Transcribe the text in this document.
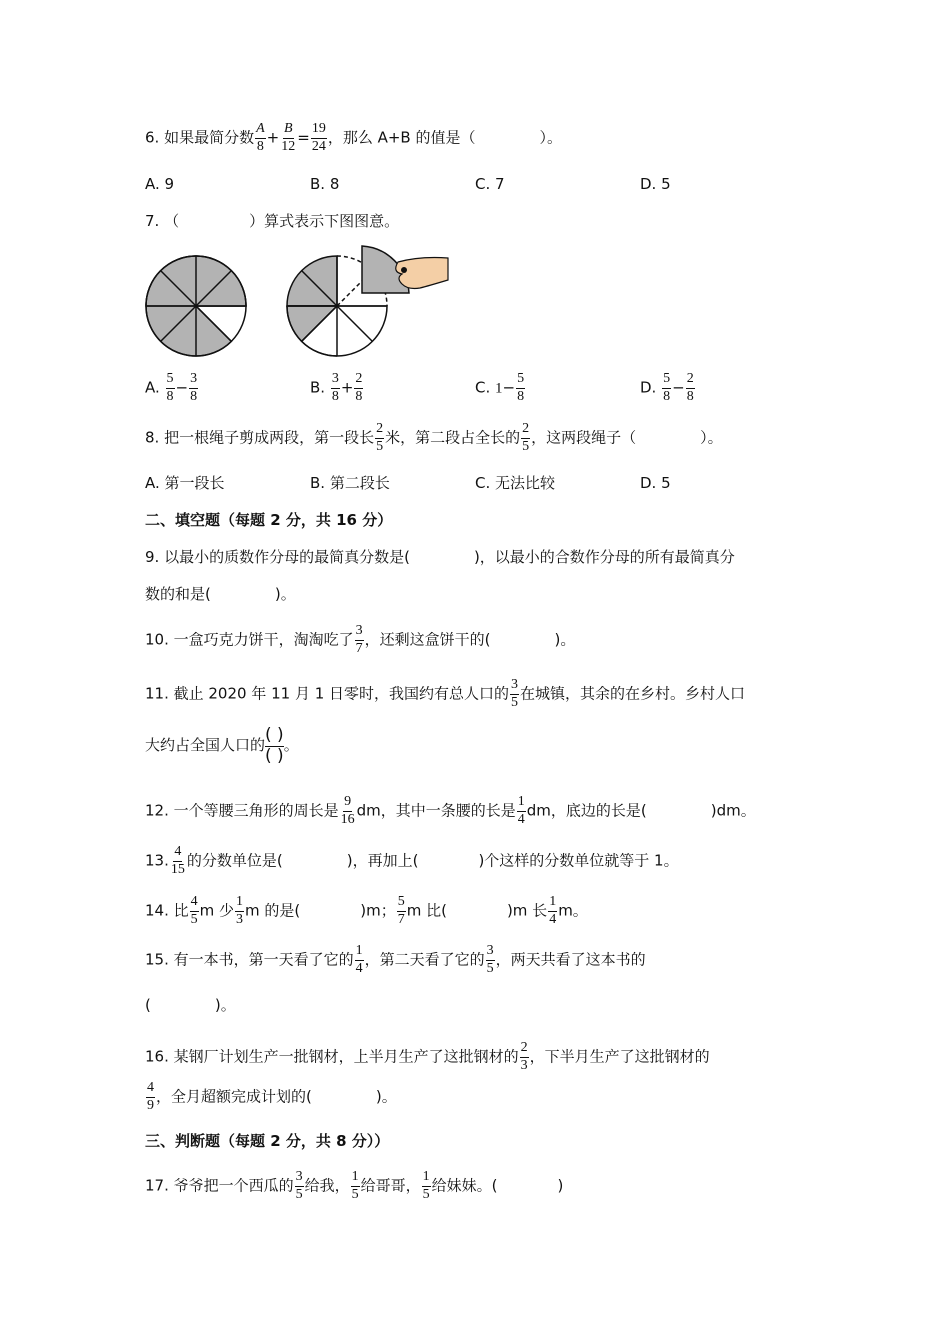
6. 如果最简分数 $\frac{A}{8} + \frac{B}{12} = \frac{19}{24}$ ，那么 A+B 的值是（	）。
A. 9	B. 8	C. 7	D. 5
7. （	）算式表示下图图意。
A. $\frac{5}{8} - \frac{3}{8}$	B. $\frac{3}{8} + \frac{2}{8}$	C. $1- \frac{5}{8}$	D. $\frac{5}{8} - \frac{2}{8}$
8. 把一根绳子剪成两段，第一段长 $\frac{2}{5}$ 米，第二段占全长的 $\frac{2}{5}$ ，这两段绳子（	）。
A. 第一段长	B. 第二段长	C. 无法比较	D. 5
二、填空题（每题 2 分，共 16 分）
9. 以最小的质数作分母的最简真分数是(	)，以最小的合数作分母的所有最简真分
数的和是(	)。
10. 一盒巧克力饼干，淘淘吃了 $\frac{3}{7}$ ，还剩这盒饼干的(	)。
11. 截止 2020 年 11 月 1 日零时，我国约有总人口的 $\frac{3}{5}$ 在城镇，其余的在乡村。乡村人口
大约占全国人口的
( )
( )
。
12. 一个等腰三角形的周长是 $\frac{9}{16}$ dm，其中一条腰的长是 $\frac{1}{4}$ dm，底边的长是(	)dm。
13. $\frac{4}{15}$ 的分数单位是(	)，再加上(	)个这样的分数单位就等于 1。
14. 比 $\frac{4}{5}$ m 少 $\frac{1}{3}$ m 的是(	)m； $\frac{5}{7}$ m 比(	)m 长 $\frac{1}{4}$ m。
15. 有一本书，第一天看了它的 $\frac{1}{4}$ ，第二天看了它的 $\frac{3}{5}$ ，两天共看了这本书的
(	)。
16. 某钢厂计划生产一批钢材，上半月生产了这批钢材的 $\frac{2}{3}$ ，下半月生产了这批钢材的
$\frac{4}{9}$ ，全月超额完成计划的(	)。
三、判断题（每题 2 分，共 8 分））
17. 爷爷把一个西瓜的 $\frac{3}{5}$ 给我， $\frac{1}{5}$ 给哥哥， $\frac{1}{5}$ 给妹妹。(	)
